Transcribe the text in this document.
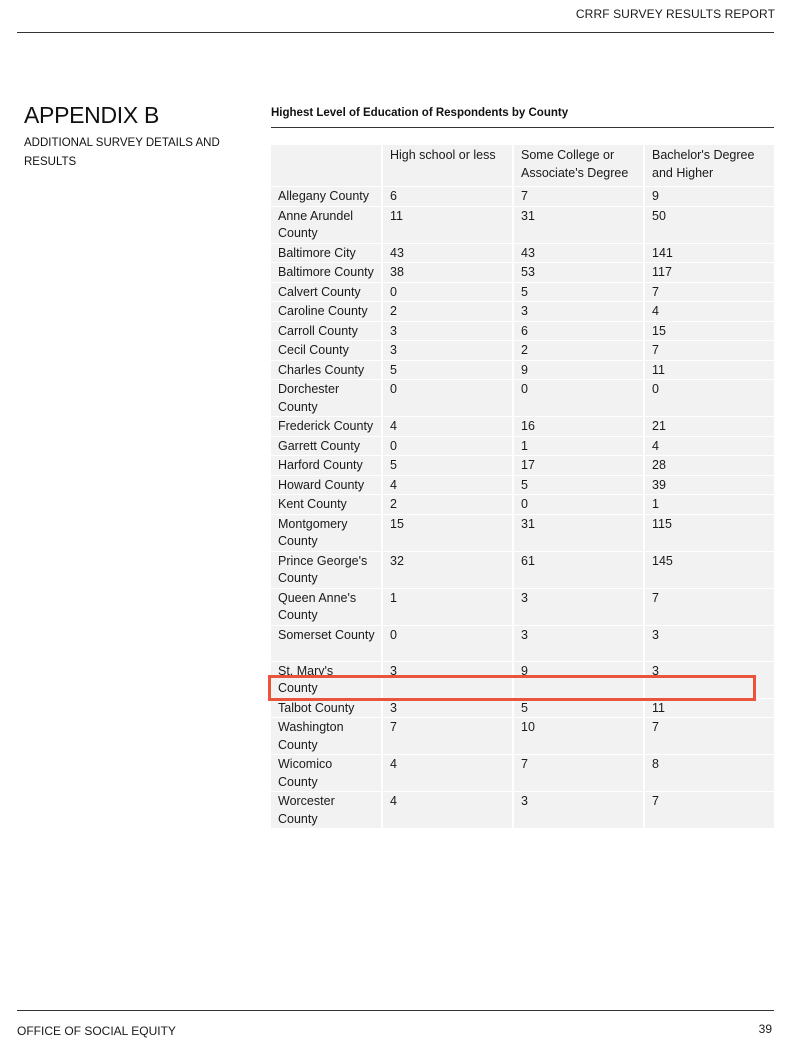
CRRF SURVEY RESULTS REPORT
APPENDIX B
ADDITIONAL SURVEY DETAILS AND RESULTS
Highest Level of Education of Respondents by County
	High school or less	Some College or Associate's Degree	Bachelor's Degree and Higher

Allegany County	6	7	9

Anne Arundel County	11	31	50

Baltimore City	43	43	141

Baltimore County	38	53	117

Calvert County	0	5	7

Caroline County	2	3	4

Carroll County	3	6	15

Cecil County	3	2	7

Charles County	5	9	11

Dorchester County	0	0	0

Frederick County	4	16	21

Garrett County	0	1	4

Harford County	5	17	28

Howard County	4	5	39

Kent County	2	0	1

Montgomery County	15	31	115

Prince George's County	32	61	145

Queen Anne's County	1	3	7

Somerset County	0	3	3

St. Mary's County	3	9	3

Talbot County	3	5	11

Washington County	7	10	7

Wicomico County	4	7	8

Worcester County	4	3	7
OFFICE OF SOCIAL EQUITY	39
